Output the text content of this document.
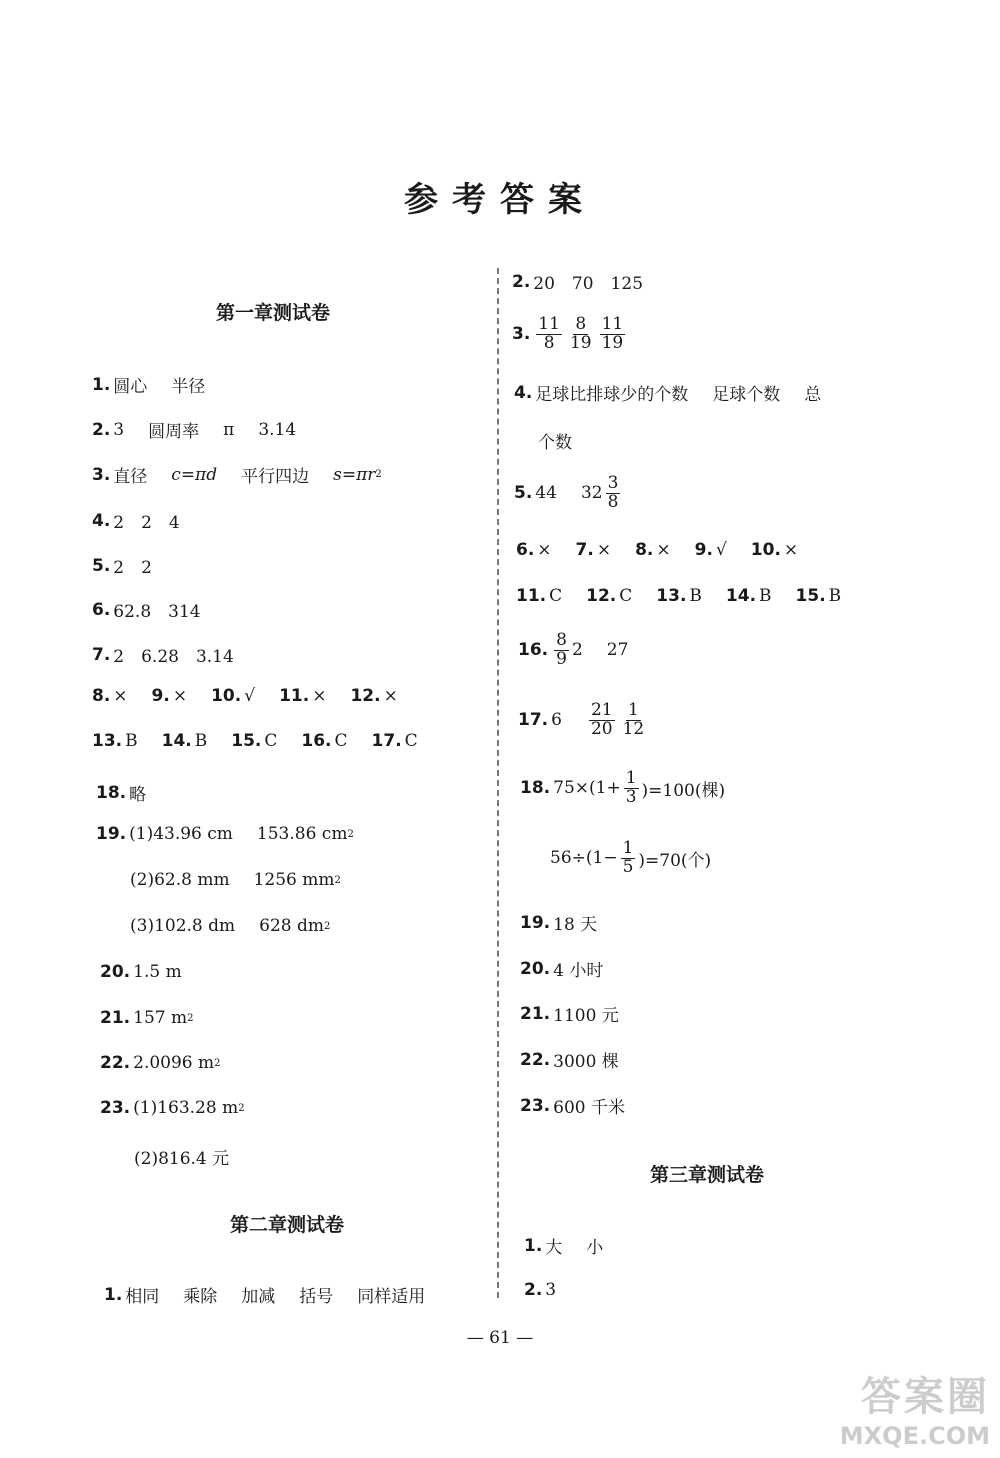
参考答案
第一章测试卷
1. 圆心 半径
2. 3 圆周率 π 3.14
3. 直径 c=πd 平行四边 s=πr 2
4. 2　2　4
5. 2　2
6. 62.8　314
7. 2　6.28　3.14
8. × 9. × 10. √ 11. × 12. ×
13. B 14. B 15. C 16. C 17. C
18. 略
19. (1)43.96 cm 153.86 cm 2
(2)62.8 mm 1256 mm 2
(3)102.8 dm 628 dm 2
20. 1.5 m
21. 157 m 2
22. 2.0096 m 2
23. (1)163.28 m 2
(2)816.4 元
第二章测试卷
1. 相同 乘除 加减 括号 同样适用
2. 20　70　125
3. $\frac{11}{8} \frac{8}{19} \frac{11}{19}$
4. 足球比排球少的个数 足球个数 总
个数
5. 44 $32 \frac{3}{8}$
6. × 7. × 8. × 9. √ 10. ×
11. C 12. C 13. B 14. B 15. B
16. $\frac{8}{9} 2$ 27
17. $6 \frac{21}{20} \frac{1}{12}$
18. $75\times(1+ \frac{1}{3} )=100$(棵)
$56\div(1- \frac{1}{5} )=70$(个)
19. 18 天
20. 4 小时
21. 1100 元
22. 3000 棵
23. 600 千米
第三章测试卷
1. 大 小
2. 3
— 61 —
答案圈
MXQE.COM
